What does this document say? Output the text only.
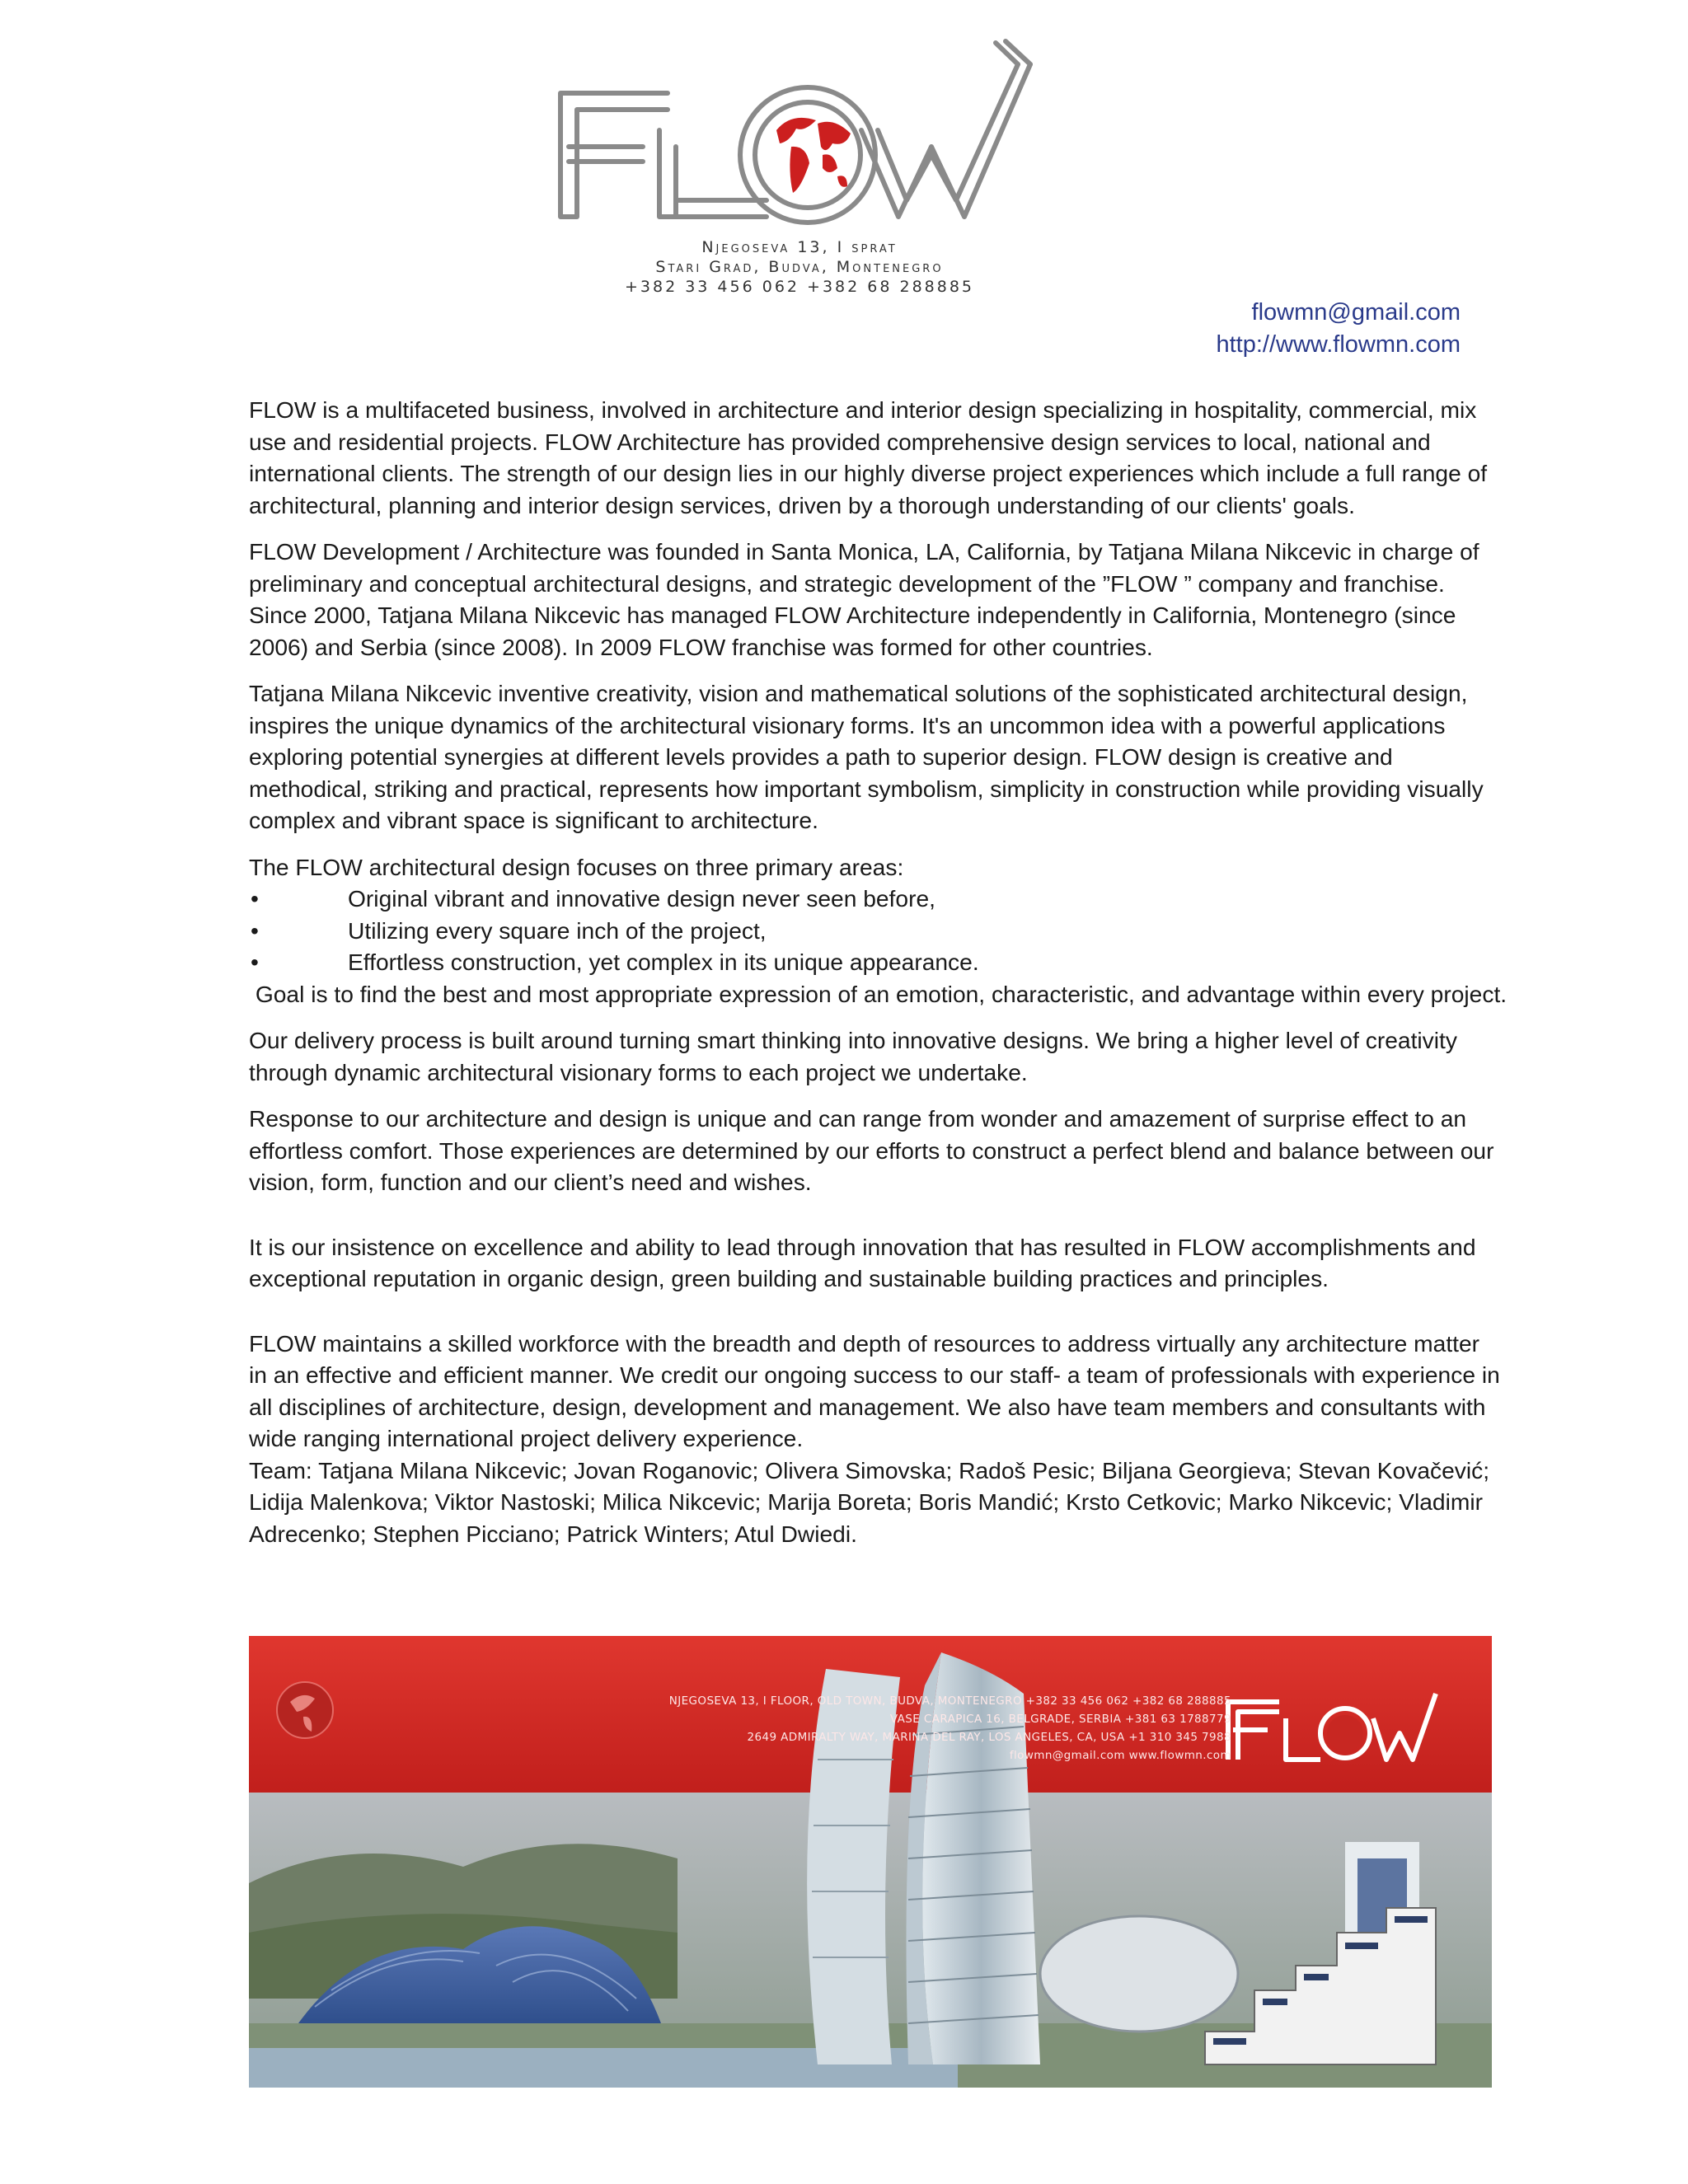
Njegoseva 13, I sprat
Stari Grad, Budva, Montenegro
+382 33 456 062 +382 68 288885
flowmn@gmail.com
http://www.flowmn.com

FLOW is a multifaceted business, involved in architecture and interior design specializing in hospitality, commercial, mix use and residential projects. FLOW Architecture has provided comprehensive design services to local, national and international clients. The strength of our design lies in our highly diverse project experiences which include a full range of architectural, planning and interior design services, driven by a thorough understanding of our clients' goals.

FLOW Development / Architecture was founded in Santa Monica, LA, California, by Tatjana Milana Nikcevic in charge of preliminary and conceptual architectural designs, and strategic development of the ”FLOW ” company and franchise. Since 2000, Tatjana Milana Nikcevic has managed FLOW Architecture independently in California, Montenegro (since 2006) and Serbia (since 2008). In 2009 FLOW franchise was formed for other countries.

Tatjana Milana Nikcevic inventive creativity, vision and mathematical solutions of the sophisticated architectural design, inspires the unique dynamics of the architectural visionary forms. It's an uncommon idea with a powerful applications exploring potential synergies at different levels provides a path to superior design. FLOW design is creative and methodical, striking and practical, represents how important symbolism, simplicity in construction while providing visually complex and vibrant space is significant to architecture.

The FLOW architectural design focuses on three primary areas:
• Original vibrant and innovative design never seen before,
• Utilizing every square inch of the project,
• Effortless construction, yet complex in its unique appearance.
Goal is to find the best and most appropriate expression of an emotion, characteristic, and advantage within every project.

Our delivery process is built around turning smart thinking into innovative designs. We bring a higher level of creativity through dynamic architectural visionary forms to each project we undertake.

Response to our architecture and design is unique and can range from wonder and amazement of surprise effect to an effortless comfort. Those experiences are determined by our efforts to construct a perfect blend and balance between our vision, form, function and our client’s need and wishes.

It is our insistence on excellence and ability to lead through innovation that has resulted in FLOW accomplishments and exceptional reputation in organic design, green building and sustainable building practices and principles.

FLOW maintains a skilled workforce with the breadth and depth of resources to address virtually any architecture matter in an effective and efficient manner. We credit our ongoing success to our staff- a team of professionals with experience in all disciplines of architecture, design, development and management. We also have team members and consultants with wide ranging international project delivery experience.
Team: Tatjana Milana Nikcevic; Jovan Roganovic; Olivera Simovska; Radoš Pesic; Biljana Georgieva; Stevan Kovačević; Lidija Malenkova; Viktor Nastoski; Milica Nikcevic; Marija Boreta; Boris Mandić; Krsto Cetkovic; Marko Nikcevic; Vladimir Adrecenko; Stephen Picciano; Patrick Winters; Atul Dwiedi.
NJEGOSEVA 13, I FLOOR, OLD TOWN, BUDVA, MONTENEGRO +382 33 456 062 +382 68 288885
VASE CARAPICA 16, BELGRADE, SERBIA +381 63 1788779
2649 ADMIRALTY WAY, MARINA DEL RAY, LOS ANGELES, CA, USA +1 310 345 7988
flowmn@gmail.com www.flowmn.com
